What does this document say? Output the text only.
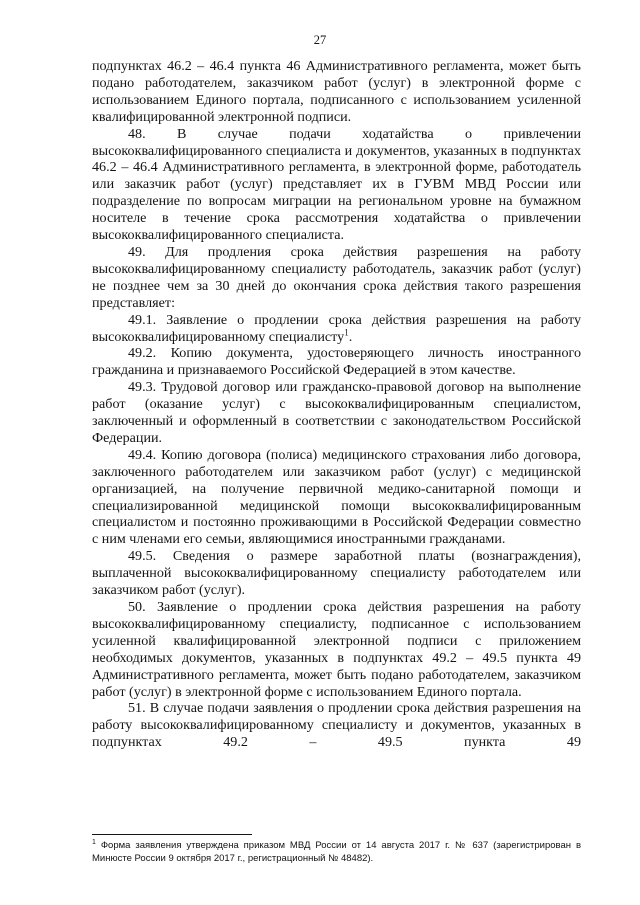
27

подпунктах 46.2 – 46.4 пункта 46 Административного регламента, может быть подано работодателем, заказчиком работ (услуг) в электронной форме с использованием Единого портала, подписанного с использованием усиленной квалифицированной электронной подписи.

48. В случае подачи ходатайства о привлечении высококвалифицированного специалиста и документов, указанных в подпунктах 46.2 – 46.4 Административного регламента, в электронной форме, работодатель или заказчик работ (услуг) представляет их в ГУВМ МВД России или подразделение по вопросам миграции на региональном уровне на бумажном носителе в течение срока рассмотрения ходатайства о привлечении высококвалифицированного специалиста.

49. Для продления срока действия разрешения на работу высококвалифицированному специалисту работодатель, заказчик работ (услуг) не позднее чем за 30 дней до окончания срока действия такого разрешения представляет:

49.1. Заявление о продлении срока действия разрешения на работу высококвалифицированному специалисту$^1$.

49.2. Копию документа, удостоверяющего личность иностранного гражданина и признаваемого Российской Федерацией в этом качестве.

49.3. Трудовой договор или гражданско-правовой договор на выполнение работ (оказание услуг) с высококвалифицированным специалистом, заключенный и оформленный в соответствии с законодательством Российской Федерации.

49.4. Копию договора (полиса) медицинского страхования либо договора, заключенного работодателем или заказчиком работ (услуг) с медицинской организацией, на получение первичной медико-санитарной помощи и специализированной медицинской помощи высококвалифицированным специалистом и постоянно проживающими в Российской Федерации совместно с ним членами его семьи, являющимися иностранными гражданами.

49.5. Сведения о размере заработной платы (вознаграждения), выплаченной высококвалифицированному специалисту работодателем или заказчиком работ (услуг).

50. Заявление о продлении срока действия разрешения на работу высококвалифицированному специалисту, подписанное с использованием усиленной квалифицированной электронной подписи с приложением необходимых документов, указанных в подпунктах 49.2 – 49.5 пункта 49 Административного регламента, может быть подано работодателем, заказчиком работ (услуг) в электронной форме с использованием Единого портала.

51. В случае подачи заявления о продлении срока действия разрешения на работу высококвалифицированному специалисту и документов, указанных в подпунктах 49.2 – 49.5 пункта 49

$^1$ Форма заявления утверждена приказом МВД России от 14 августа 2017 г. № 637 (зарегистрирован в Минюсте России 9 октября 2017 г., регистрационный № 48482).
